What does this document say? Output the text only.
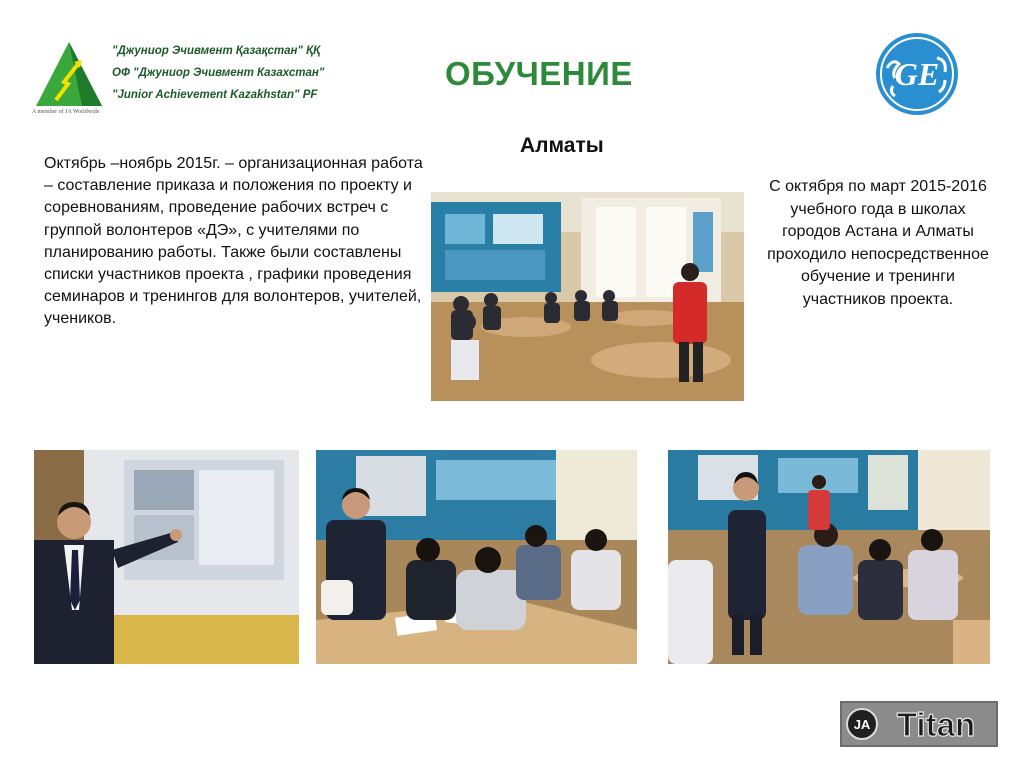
A member of JA Worldwide
"Джуниор Эчивмент Қазақстан" ҚҚ
ОФ "Джуниор Эчивмент Казахстан"
"Junior Achievement Kazakhstan" PF
GE
ОБУЧЕНИЕ
Алматы
Октябрь –ноябрь 2015г. – организационная работа – составление приказа и положения по проекту и соревнованиям, проведение рабочих встреч с группой волонтеров «ДЭ», с учителями по планированию работы. Также были составлены списки участников проекта , графики проведения семинаров и тренингов для волонтеров, учителей, учеников.
С октября по март 2015-2016 учебного года в школах городов Астана и Алматы проходило непосредственное обучение и тренинги участников проекта.
JA Titan
